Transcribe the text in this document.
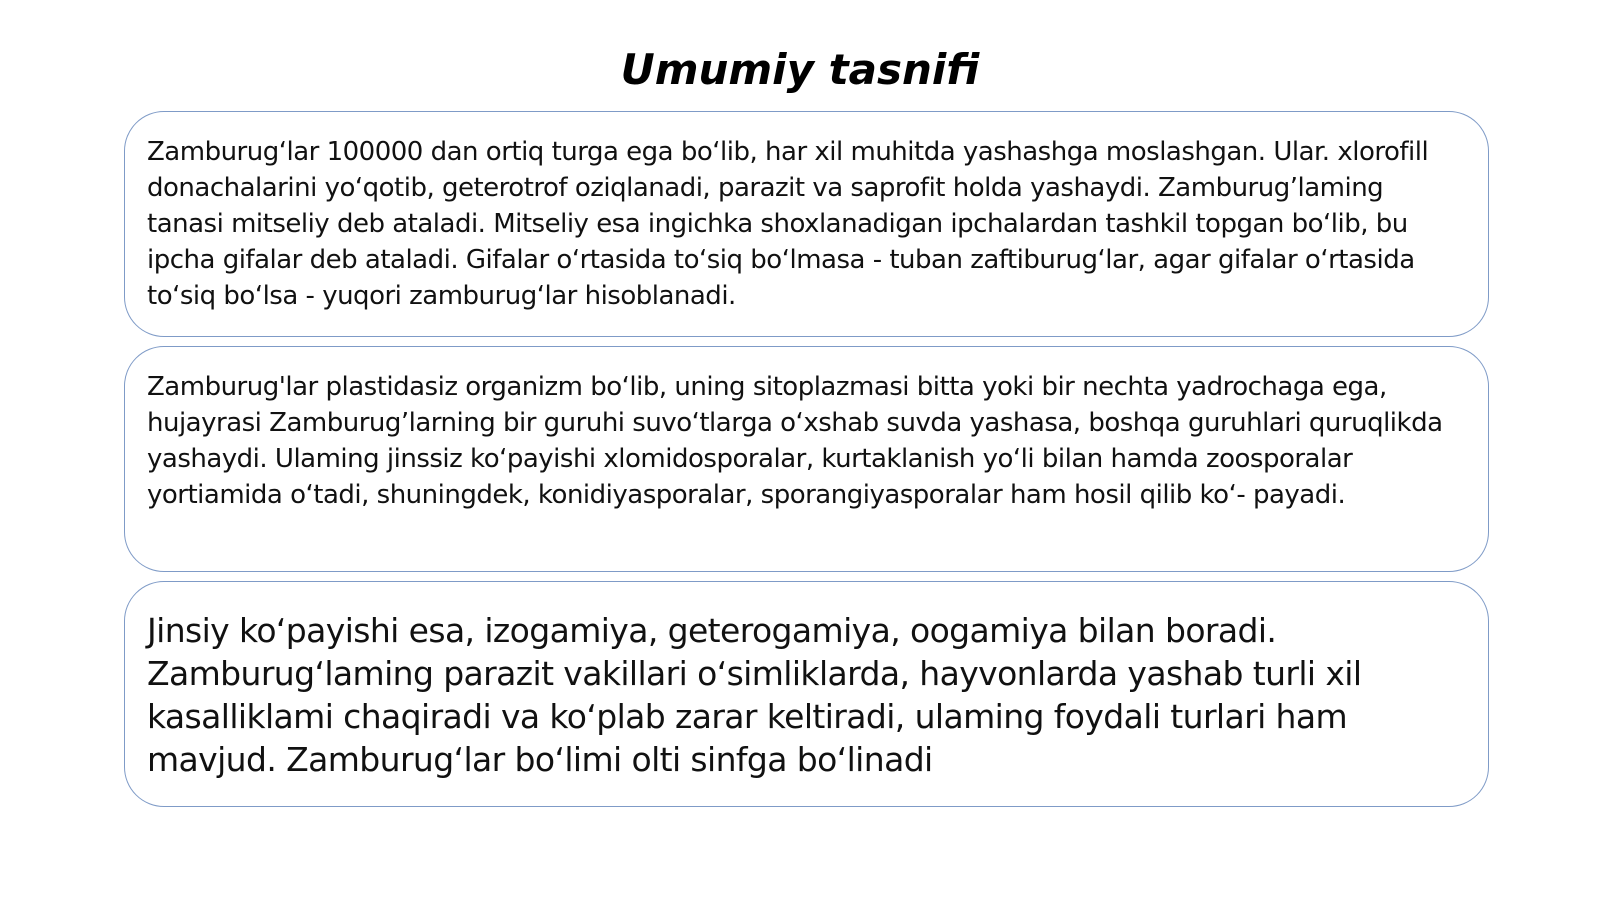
Umumiy tasnifi

Zamburug‘lar 100000 dan ortiq turga ega bo‘lib, har xil muhitda yashashga moslashgan. Ular. xlorofill donachalarini yo‘qotib, geterotrof oziqlanadi, parazit va saprofit holda yashaydi. Zamburug’laming tanasi mitseliy deb ataladi. Mitseliy esa ingichka shoxlanadigan ipchalardan tashkil topgan bo‘lib, bu ipcha gifalar deb ataladi. Gifalar o‘rtasida to‘siq bo‘lmasa - tuban zaftiburug‘lar, agar gifalar o‘rtasida to‘siq bo‘lsa - yuqori zamburug‘lar hisoblanadi.

Zamburug'lar plastidasiz organizm bo‘lib, uning sitoplazmasi bitta yoki bir nechta yadrochaga ega, hujayrasi Zamburug’larning bir guruhi suvo‘tlarga o‘xshab suvda yashasa, boshqa guruhlari quruqlikda yashaydi. Ulaming jinssiz ko‘payishi xlomidosporalar, kurtaklanish yo‘li bilan hamda zoosporalar yortiamida o‘tadi, shuningdek, konidiyasporalar, sporangiyasporalar ham hosil qilib ko‘- payadi.

Jinsiy ko‘payishi esa, izogamiya, geterogamiya, oogamiya bilan boradi. Zamburug‘laming parazit vakillari o‘simliklarda, hayvonlarda yashab turli xil kasalliklami chaqiradi va ko‘plab zarar keltiradi, ulaming foydali turlari ham mavjud. Zamburug‘lar bo‘limi olti sinfga bo‘linadi
